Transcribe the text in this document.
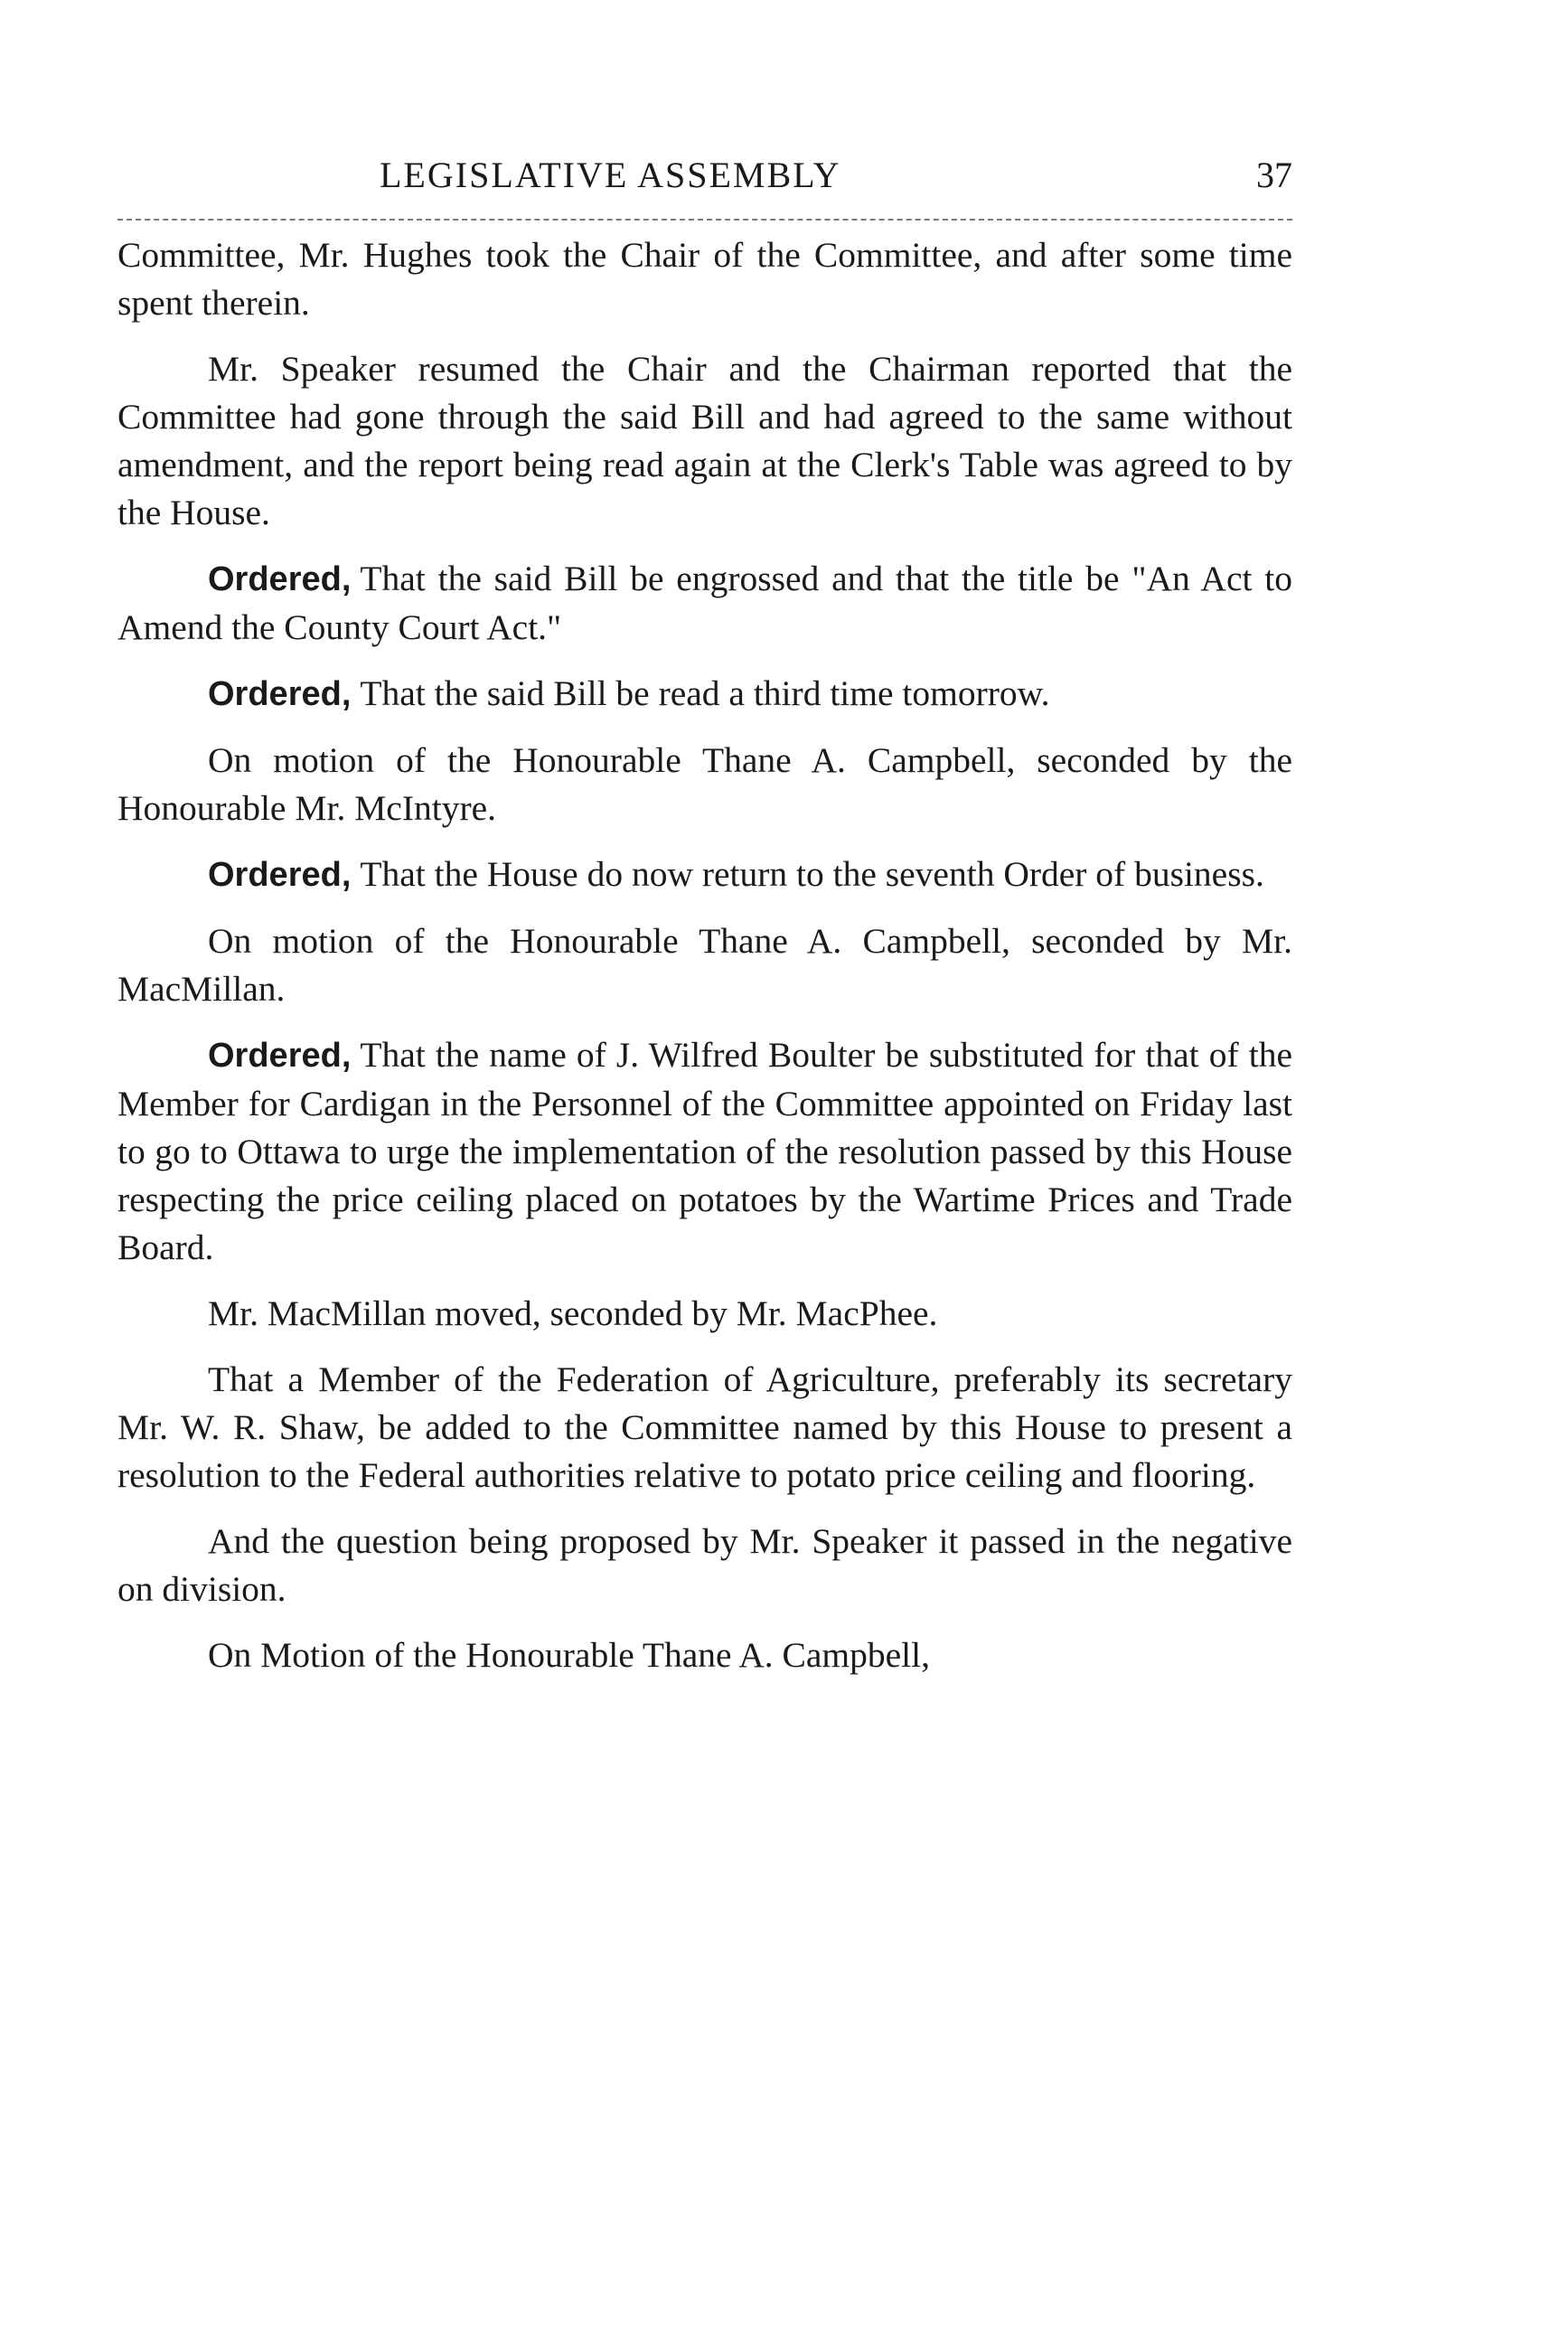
LEGISLATIVE ASSEMBLY	37

Committee, Mr. Hughes took the Chair of the Committee, and after some time spent therein.

Mr. Speaker resumed the Chair and the Chairman reported that the Committee had gone through the said Bill and had agreed to the same without amendment, and the report being read again at the Clerk's Table was agreed to by the House.

Ordered, That the said Bill be engrossed and that the title be "An Act to Amend the County Court Act."

Ordered, That the said Bill be read a third time tomorrow.

On motion of the Honourable Thane A. Campbell, seconded by the Honourable Mr. McIntyre.

Ordered, That the House do now return to the seventh Order of business.

On motion of the Honourable Thane A. Campbell, seconded by Mr. MacMillan.

Ordered, That the name of J. Wilfred Boulter be substituted for that of the Member for Cardigan in the Personnel of the Committee appointed on Friday last to go to Ottawa to urge the implementation of the resolution passed by this House respecting the price ceiling placed on potatoes by the Wartime Prices and Trade Board.

Mr. MacMillan moved, seconded by Mr. MacPhee.

That a Member of the Federation of Agriculture, preferably its secretary Mr. W. R. Shaw, be added to the Committee named by this House to present a resolution to the Federal authorities relative to potato price ceiling and flooring.

And the question being proposed by Mr. Speaker it passed in the negative on division.

On Motion of the Honourable Thane A. Campbell,
